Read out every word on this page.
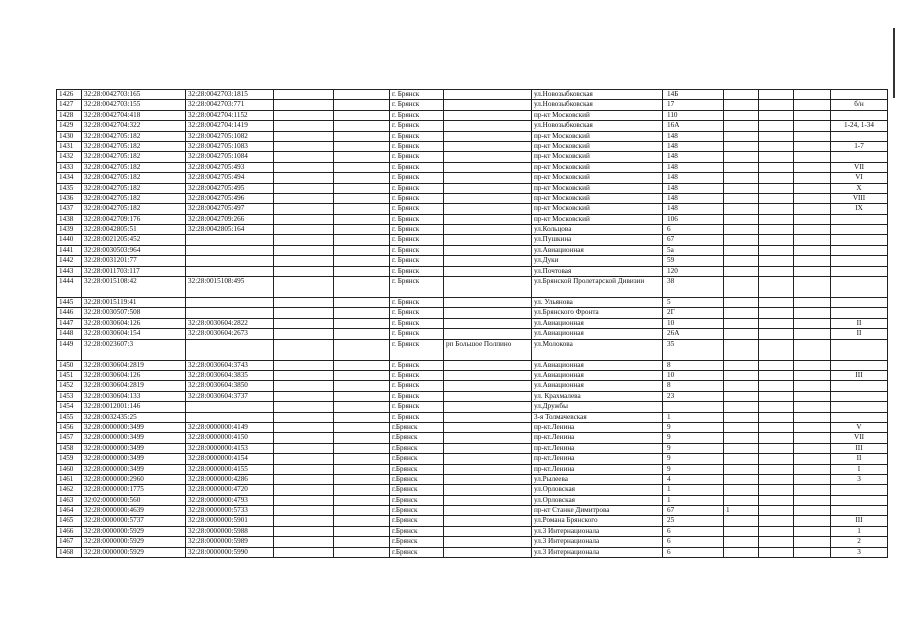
1426	32:28:0042703:165	32:28:0042703:1815			г. Брянск		ул.Новозыбковская	14Б				
1427	32:28:0042703:155	32:28:0042703:771			г. Брянск		ул.Новозыбковская	17				б/н
1428	32:28:0042704:418	32:28:0042704:1152			г. Брянск		пр-кт Московский	110				
1429	32:28:0042704:322	32:28:0042704:1419			г. Брянск		ул.Новозыбковская	16А				1-24, 1-34
1430	32:28:0042705:182	32:28:0042705:1082			г. Брянск		пр-кт Московский	148				
1431	32:28:0042705:182	32:28:0042705:1083			г. Брянск		пр-кт Московский	148				1-7
1432	32:28:0042705:182	32:28:0042705:1084			г. Брянск		пр-кт Московский	148				
1433	32:28:0042705:182	32:28:0042705:493			г. Брянск		пр-кт Московский	148				VII
1434	32:28:0042705:182	32:28:0042705:494			г. Брянск		пр-кт Московский	148				VI
1435	32:28:0042705:182	32:28:0042705:495			г. Брянск		пр-кт Московский	148				X
1436	32:28:0042705:182	32:28:0042705:496			г. Брянск		пр-кт Московский	148				VIII
1437	32:28:0042705:182	32:28:0042705:497			г. Брянск		пр-кт Московский	148				IX
1438	32:28:0042709:176	32:28:0042709:266			г. Брянск		пр-кт Московский	106				
1439	32:28:0042805:51	32:28:0042805:164			г. Брянск		ул.Кольцова	6				
1440	32:28:0021205:452				г. Брянск		ул.Пушкина	67				
1441	32:28:0030503:964				г. Брянск		ул.Авиационная	5а				
1442	32:28:0031201:77				г. Брянск		ул.Дуки	59				
1443	32:28:0011703:117				г. Брянск		ул.Почтовая	120				
1444	32:28:0015108:42	32:28:0015108:495			г. Брянск		ул.Брянской Пролетарской Дивизии	38				
1445	32:28:0015119:41				г. Брянск		ул. Ульянова	5				
1446	32:28:0030507:508				г. Брянск		ул.Брянского Фронта	2Г				
1447	32:28:0030604:126	32:28:0030604:2822			г. Брянск		ул.Авиационная	10				II
1448	32:28:0030604:154	32:28:0030604:2673			г. Брянск		ул.Авиационная	26А				II
1449	32:28:0023607:3				г. Брянск	рп Большое Полпино	ул.Молокова	35				
1450	32:28:0030604:2819	32:28:0030604:3743			г. Брянск		ул.Авиационная	8				
1451	32:28:0030604:126	32:28:0030604:3835			г. Брянск		ул.Авиационная	10				III
1452	32:28:0030604:2819	32:28:0030604:3850			г. Брянск		ул.Авиационная	8				
1453	32:28:0030604:133	32:28:0030604:3737			г. Брянск		ул. Крахмалева	23				
1454	32:28:0012001:146				г. Брянск		ул.Дружбы					
1455	32:28:0032435:25				г. Брянск		3-я Толмачевская	1				
1456	32:28:0000000:3499	32:28:0000000:4149			г.Брянск		пр-кт.Ленина	9				V
1457	32:28:0000000:3499	32:28:0000000:4150			г.Брянск		пр-кт.Ленина	9				VII
1458	32:28:0000000:3499	32:28:0000000:4153			г.Брянск		пр-кт.Ленина	9				III
1459	32:28:0000000:3499	32:28:0000000:4154			г.Брянск		пр-кт.Ленина	9				II
1460	32:28:0000000:3499	32:28:0000000:4155			г.Брянск		пр-кт.Ленина	9				I
1461	32:28:0000000:2960	32:28:0000000:4286			г.Брянск		ул.Рылеева	4				3
1462	32:28:0000000:1775	32:28:0000000:4720			г.Брянск		ул.Орловская	1				
1463	32:02:0000000:560	32:28:0000000:4793			г.Брянск		ул.Орловская	1				
1464	32:28:0000000:4639	32:28:0000000:5733			г.Брянск		пр-кт Станке Димитрова	67	1			
1465	32:28:0000000:5737	32:28:0000000:5901			г.Брянск		ул.Романа Брянского	25				III
1466	32:28:0000000:5929	32:28:0000000:5988			г.Брянск		ул.3 Интернационала	6				1
1467	32:28:0000000:5929	32:28:0000000:5989			г.Брянск		ул.3 Интернационала	6				2
1468	32:28:0000000:5929	32:28:0000000:5990			г.Брянск		ул.3 Интернационала	6				3
